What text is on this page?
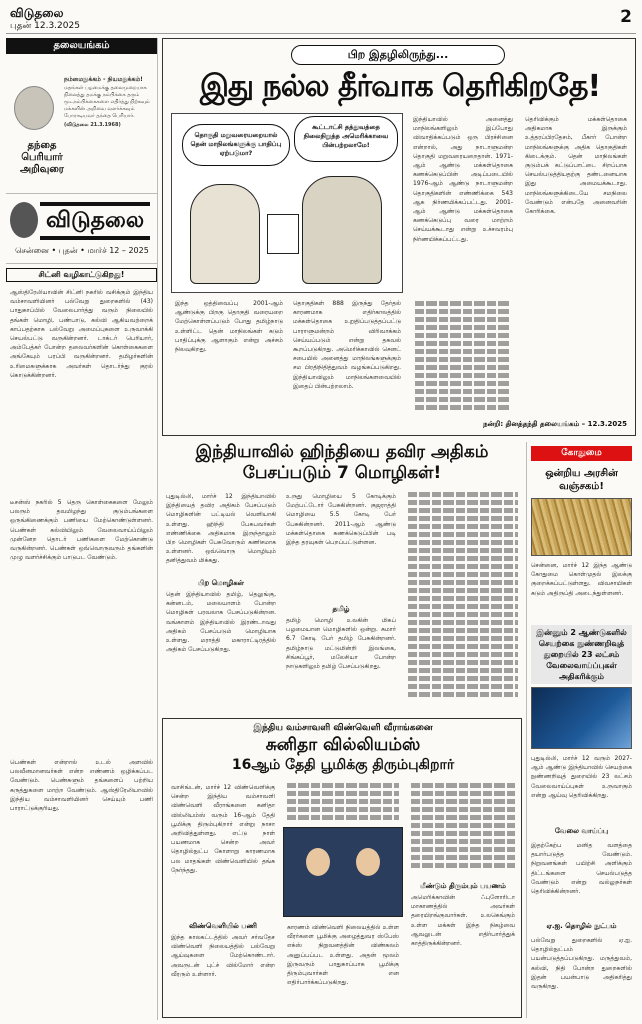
விடுதலை
புதன் 12.3.2025	2
தலையங்கம்
தந்தை பெரியார் அறிவுரை
நம்மைநுக்கம் - நியமநுக்கம்!
மதங்கள் பழமைக்கு தலைமுறையாக நிலைத்து தமக்கு நம்பிக்கை தரும் மூடநம்பிக்கைகளை எதிர்த்து நிற்கவும் மக்களின் அறிவை வளர்க்கவும் போராடியவர் தந்தை பெரியார்.
(விடுதலை 21.3.1968)
விடுதலை
சென்னை • புதன் • மார்ச் 12 – 2025
சிட்னி வழிகாட்டுகிறது!
ஆஸ்திரேலியாவின் சிட்னி நகரில் வசிக்கும் இந்திய வம்சாவளியினர் பல்வேறு துறைகளில் (43) பாதுகாப்பில் வேலைபார்த்து வரும் நிலையில் தங்கள் மொழி, பண்பாடு, கல்வி ஆகியவற்றைக் காப்பதற்காக பல்வேறு அமைப்புகளை உருவாக்கி செயல்பட்டு வருகின்றனர். டாக்டர் பெரியார், அம்பேத்கர் போன்ற தலைவர்களின் கொள்கைகளை அங்கேயும் பரப்பி வருகின்றனர். தமிழர்களின் உரிமைகளுக்காக அவர்கள் தொடர்ந்து குரல் கொடுக்கின்றனர்.
டீசன்ஸ் நகரில் 5 தெரு கொள்கைகளை மேலும் பலரும் தவமிழந்து குடும்பங்களை ஒருங்கிணைக்கும் பணியை மேற்கொண்டுள்ளனர். பெண்கள் கல்வியிலும் வேலைவாய்ப்பிலும் முன்னேற தொடர் பணிகளை மேற்கொண்டு வருகின்றனர். பெண்கள் ஒவ்வொருவரும் தங்களின் முழு வளர்ச்சிக்கும் பாடுபட வேண்டும்.
பெண்கள் என்றால் உடல் அளவில் பலவீனமானவர்கள் என்ற எண்ணம் ஒழிக்கப்பட வேண்டும். பெண்களும் தங்களைப் பற்றிய கருத்துகளை மாற்ற வேண்டும். ஆஸ்திரேலியாவில் இந்திய வம்சாவளியினர் செய்யும் பணி பாராட்டுக்குரியது.
பிற இதழிலிருந்து...
இது நல்ல தீர்வாக தெரிகிறதே!
தொகுதி மறுவரையறையால் தென் மாநிலங்களுக்கு பாதிப்பு ஏற்படுமா?
கூட்டாட்சி தத்துவத்தை நிலைநிறுத்த அமெரிக்காவை பின்பற்றலாமே!
இந்தியாவில் அனைத்து மாநிலங்களிலும் இப்போது விவாதிக்கப்படும் ஒரு பிரச்சினை என்றால், அது நாடாளுமன்ற தொகுதி மறுவரையறைதான். 1971-ஆம் ஆண்டு மக்கள்தொகை கணக்கெடுப்பின் அடிப்படையில் 1976-ஆம் ஆண்டு நாடாளுமன்ற தொகுதிகளின் எண்ணிக்கை 543 ஆக நிர்ணயிக்கப்பட்டது. 2001-ஆம் ஆண்டு மக்கள்தொகை கணக்கெடுப்பு வரை மாற்றம் செய்யக்கூடாது என்று உச்சவரம்பு நிர்ணயிக்கப்பட்டது.
இந்த ஒத்திவைப்பு 2001-ஆம் ஆண்டுக்கு பிறகு தொகுதி வரையறை மேற்கொள்ளப்படும் போது தமிழ்நாடு உள்ளிட்ட தென் மாநிலங்கள் கடும் பாதிப்புக்கு ஆளாகும் என்று அச்சம் நிலவுகிறது.
தொகுதிகள் 888 இருந்து தேர்தல் காரணமாக எதிர்காலத்தில் மக்கள்தொகை உறுதிப்படுத்தப்பட்டு பாராளுமன்றம் விரிவாக்கம் செய்யப்படும் என்று தகவல் கூறப்படுகிறது. அமெரிக்காவில் செனட் சபையில் அனைத்து மாநிலங்களுக்கும் சம பிரதிநிதித்துவம் வழங்கப்படுகிறது. இந்தியாவிலும் மாநிலங்களவையில் இதைப் பின்பற்றலாம்.
தெரிவிக்கும் மக்கள்தொகை அதிகமாக இருக்கும் உத்தரப்பிரதேசம், பீகார் போன்ற மாநிலங்களுக்கு அதிக தொகுதிகள் கிடைக்கும். தென் மாநிலங்கள் குடும்பக் கட்டுப்பாட்டை சிறப்பாக செயல்படுத்தியதற்கு தண்டனையாக இது அமையக்கூடாது. மாநிலங்களுக்கிடையே சமநிலை வேண்டும் என்பதே அனைவரின் கோரிக்கை.
நன்றி: தினத்தந்தி தலையங்கம் – 12.3.2025
இந்தியாவில் ஹிந்தியை தவிர அதிகம் பேசப்படும் 7 மொழிகள்!
புதுடில்லி, மார்ச் 12 இந்தியாவில் இந்தியைத் தவிர அதிகம் பேசப்படும் மொழிகளின் பட்டியல் வெளியாகி உள்ளது. ஹிந்தி பேசுபவர்கள் எண்ணிக்கை அதிகமாக இருந்தாலும் பிற மொழிகள் பேசுவோரும் கணிசமாக உள்ளனர். ஒவ்வொரு மொழியும் தனித்துவம் மிக்கது.
பிற மொழிகள்
தென் இந்தியாவில் தமிழ், தெலுங்கு, கன்னடம், மலையாளம் போன்ற மொழிகள் பரவலாக பேசப்படுகின்றன. வங்காளம் இந்தியாவில் இரண்டாவது அதிகம் பேசப்படும் மொழியாக உள்ளது. மராத்தி மகாராட்டிரத்தில் அதிகம் பேசப்படுகிறது.
உருது மொழியை 5 கோடிக்கும் மேற்பட்டோர் பேசுகின்றனர். குஜராத்தி மொழியை 5.5 கோடி பேர் பேசுகின்றனர். 2011-ஆம் ஆண்டு மக்கள்தொகை கணக்கெடுப்பின் படி இந்த தரவுகள் பெறப்பட்டுள்ளன.
தமிழ்
தமிழ் மொழி உலகின் மிகப் பழமையான மொழிகளில் ஒன்று. சுமார் 6.7 கோடி பேர் தமிழ் பேசுகின்றனர். தமிழ்நாடு மட்டுமின்றி இலங்கை, சிங்கப்பூர், மலேசியா போன்ற நாடுகளிலும் தமிழ் பேசப்படுகிறது.
கோதுமை
ஒன்றிய அரசின் வஞ்சகம்!
சென்னை, மார்ச் 12 இந்த ஆண்டு கோதுமை கொள்முதல் இலக்கு குறைக்கப்பட்டுள்ளது. விவசாயிகள் கடும் அதிருப்தி அடைந்துள்ளனர்.
இன்னும் 2 ஆண்டுகளில் செயற்கை நுண்ணறிவுத் துறையில் 23 லட்சம் வேலைவாய்ப்புகள் அதிகரிக்கும்
புதுடில்லி, மார்ச் 12 வரும் 2027-ஆம் ஆண்டு இந்தியாவில் செயற்கை நுண்ணறிவுத் துறையில் 23 லட்சம் வேலைவாய்ப்புகள் உருவாகும் என்று ஆய்வு தெரிவிக்கிறது.
வேலை வாய்ப்பு
இதற்கேற்ப மனித வளத்தை தயார்படுத்த வேண்டும். நிறுவனங்கள் பயிற்சி அளிக்கும் திட்டங்களை செயல்படுத்த வேண்டும் என்று வல்லுநர்கள் தெரிவிக்கின்றனர்.
ஏ.ஐ. தொழில் நுட்பம்
பல்வேறு துறைகளில் ஏ.ஐ. தொழில்நுட்பம் பயன்படுத்தப்படுகிறது. மருத்துவம், கல்வி, நிதி போன்ற துறைகளில் இதன் பயன்பாடு அதிகரித்து வருகிறது.
இந்திய வம்சாவளி விண்வெளி வீராங்கனை
சுனிதா வில்லியம்ஸ்
16ஆம் தேதி பூமிக்கு திரும்புகிறார்
வாசிங்டன், மார்ச் 12 விண்வெளிக்கு சென்ற இந்திய வம்சாவளி விண்வெளி வீராங்கனை சுனிதா வில்லியம்ஸ் வரும் 16-ஆம் தேதி பூமிக்கு திரும்புகிறார் என்று நாசா அறிவித்துள்ளது. எட்டு நாள் பயணமாக சென்ற அவர் தொழில்நுட்ப கோளாறு காரணமாக பல மாதங்கள் விண்வெளியில் தங்க நேர்ந்தது.
விண்வெளியில் பணி
இந்த காலகட்டத்தில் அவர் சர்வதேச விண்வெளி நிலையத்தில் பல்வேறு ஆய்வுகளை மேற்கொண்டார். அவருடன் புட்ச் வில்மோர் என்ற வீரரும் உள்ளார்.
காரணம் விண்வெளி நிலையத்தில் உள்ள வீரர்களை பூமிக்கு அழைத்துவர ஸ்பேஸ் எக்ஸ் நிறுவனத்தின் விண்கலம் அனுப்பப்பட உள்ளது. அதன் மூலம் இருவரும் பாதுகாப்பாக பூமிக்கு திரும்புவார்கள் என எதிர்பார்க்கப்படுகிறது.
மீண்டும் திரும்பும் பயணம்
அமெரிக்காவின் ஃபுளோரிடா மாகாணத்தில் அவர்கள் தரையிறங்குவார்கள். உலகெங்கும் உள்ள மக்கள் இந்த நிகழ்வை ஆவலுடன் எதிர்பார்த்துக் காத்திருக்கின்றனர்.
